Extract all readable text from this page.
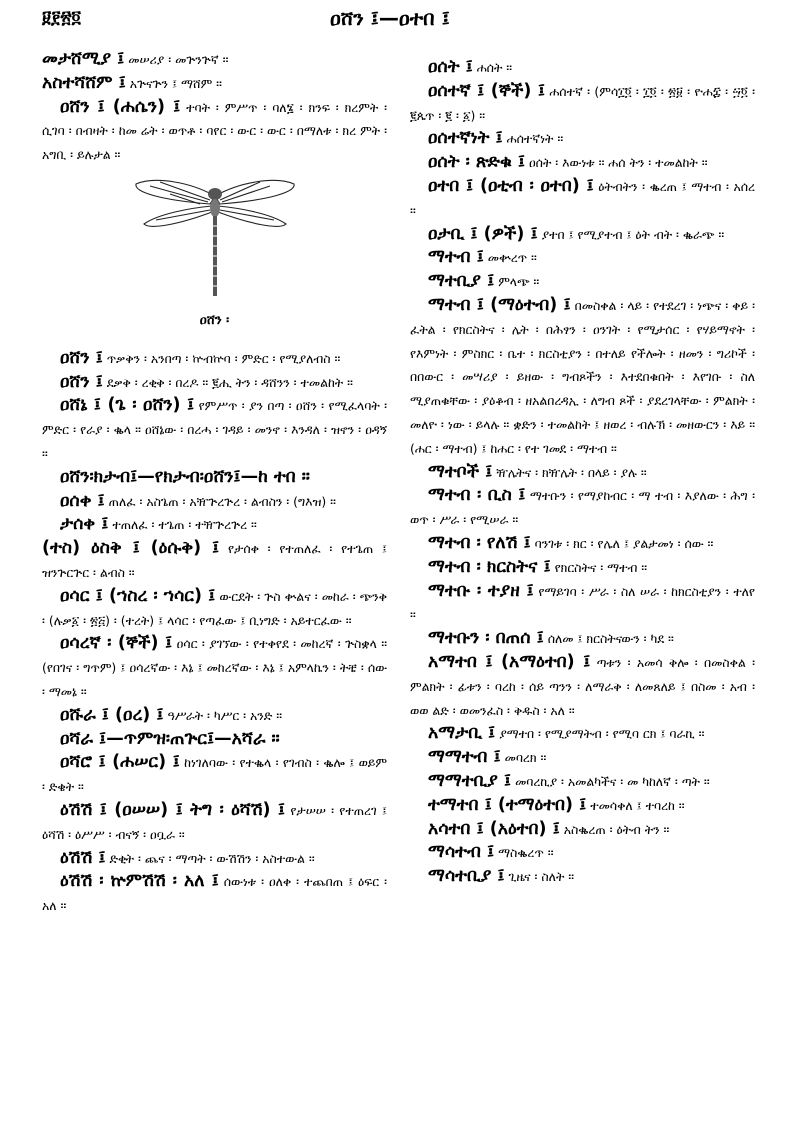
፱፻፳፬	ዐሸን ፤—ዐተበ ፤

መታሸሚያ ፤ መሠሪያ ፡ መጕንጕኛ ።

አስተሻሸም ፤ አጕናጕን ፤ ማሸም ።

ዐሸን ፤ (ሐሴን) ፤ ተባት ፡ ምሥጥ ፡ ባለ፮ ፡ ክንፍ ፡ ክረምት ፡ ሲገባ ፡ በብዛት ፡ ከመ ሬት ፡ ወጥቶ ፡ ባየር ፡ ውር ፡ ውር ፡ በማለቱ ፡ ክረ ምት ፡ አግቢ ፡ ይሉታል ።

ዐሸን ፡

ዐሸን ፤ ጥቃቅን ፡ አንበጣ ፡ ኵብኵባ ፡ ምድር ፡ የሚያለብስ ።

ዐሸን ፤ ደቃቅ ፡ ረቂቅ ፡ በረዶ ። ፪ሒ ትን ፡ ዳሸንን ፡ ተመልከት ።

ዐሸኔ ፤ (ጌ ፡ ዐሸን) ፤ የምሥጥ ፡ ያን በጣ ፡ ዐሸን ፡ የሚፈላባት ፡ ምድር ፡ የራያ ፡ ቈላ ። ዐሸኔው ፡ በረሓ ፡ ገዳይ ፡ መንኖ ፡ እንዳለ ፡ ዝኖን ፡ ዐዳኝ ።

ዐሸን፡ክታብ፤—የክታብ፡ዐሸን፤—ከ ተበ ።

ዐሰቀ ፤ ጠለፈ ፡ አስጌጠ ፡ አዥጕረጕረ ፡ ልብስን ፡ (ግእዝ) ።

ታሰቀ ፤ ተጠለፈ ፡ ተጌጠ ፡ ተዥጕረጕረ ።

(ተስ) ዕስቅ ፤ (ዕሱቅ) ፤ የታሰቀ ፡ የተጠለፈ ፡ የተጌጠ ፤ ዝንጕርጕር ፡ ልብስ ።

ዐሳር ፤ (ኀስረ ፡ ኀሳር) ፤ ውርደት ፡ ጕስ ቍልና ፡ መከራ ፡ ጭንቅ ፡ (ሉቃ፩ ፡ ፳፭) ፡ (ተረት) ፤ ላሳር ፡ የጣፈው ፤ ቢነግድ ፡ አይተርፈው ።

ዐሳረኛ ፡ (ኞች) ፤ ዐሳር ፡ ያገኘው ፡ የተቀየደ ፡ መከረኛ ፡ ጕስቋላ ። (የበገና ፡ ግጥም) ፤ ዐሳረኛው ፡ እኔ ፤ መከረኛው ፡ እኔ ፤ አምላኬን ፡ ትቼ ፡ ሰው ፡ ማመኔ ።

ዐሹራ ፤ (ዐረ) ፤ ዓሥራት ፡ ካሥር ፡ አንድ ።

ዐሻራ ፤—ጥምዝ፡ጠጕር፤—አሻራ ።

ዐሻሮ ፤ (ሐሠር) ፤ ከነገለባው ፡ የተቈላ ፡ የገብስ ፡ ቈሎ ፤ ወይም ፡ ድቄት ።

ዕሽሽ ፤ (ዐሠሠ) ፤ ትግ ፡ ዕሻሽ) ፤ የታሠሠ ፡ የተጠረገ ፤ ዕሻሽ ፡ ዕሥሥ ፡ ብናኝ ፡ ዐቧራ ።

ዕሽሽ ፤ ድቂት ፡ ጨና ፡ ማጣት ፡ ውሽሽን ፡ አስተውል ።

ዕሽሽ ፡ ኵምሽሽ ፡ አለ ፤ ሰውነቱ ፡ ዐለቀ ፡ ተጨበጠ ፤ ዕፍር ፡ አለ ።

ዐሰት ፤ ሐሰት ።

ዐሰተኛ ፤ (ኞች) ፤ ሐሰተኛ ፡ (ምሳ፲፬ ፡ ፲፬ ፡ ፳፱ ፡ ዮሐ፰ ፡ ፵፬ ፡ ፪ጴጥ ፡ ፪ ፡ ፩) ።

ዐሰተኛነት ፤ ሐሰተኛነት ።

ዐሰት ፡ ጽድቁ ፤ ዐሰት ፡ እውነቱ ። ሐሰ ትን ፡ ተመልከት ።

ዐተበ ፤ (ዐቲብ ፡ ዐተበ) ፤ ዕትብትን ፡ ቈረጠ ፤ ማተብ ፡ አሰረ ።

ዐታቢ ፤ (ዎች) ፤ ያተበ ፤ የሚያተብ ፤ ዕት ብት ፡ ቈራጭ ።

ማተብ ፤ መቍረጥ ።

ማተቢያ ፤ ምላጭ ።

ማተብ ፤ (ማዕተብ) ፤ በመስቀል ፡ ላይ ፡ የተደረገ ፡ ነጭና ፡ ቀይ ፡ ፈትል ፡ የክርስትና ፡ ሌት ፡ በሕፃን ፡ ዐንገት ፡ የሚታሰር ፡ የሃይማኖት ፡ የእምነት ፡ ምስክር ፡ ቤተ ፡ ክርስቲያን ፡ በተለይ የችሎት ፡ ዘመን ፡ ግሪኮች ፡ በበውር ፡ መሣሪያ ፡ ይዘው ፡ ግብጾችን ፡ እተደበቁበት ፡ እየገቡ ፡ ስለ ሚያጠቁቸው ፡ ያዕቆብ ፡ ዘአልበረዳኢ ፡ ለግብ ጾች ፡ ያደረገላቸው ፡ ምልክት ፡ መለዮ ፡ ነው ፡ ይላሉ ። ቋድን ፡ ተመልከት ፤ ዘወረ ፡ ብሉኽ ፡ መዘውርን ፡ እይ ። (ሐር ፡ ማተብ) ፤ ከሐር ፡ የተ ገመደ ፡ ማተብ ።

ማተቦች ፤ ዥሌትና ፡ ክዥሌት ፡ በላይ ፡ ያሉ ።

ማተብ ፡ ቢስ ፤ ማተቡን ፡ የማያከብር ፡ ማ ተብ ፡ እያለው ፡ ሕግ ፡ ወጥ ፡ ሥራ ፡ የሚሠራ ።

ማተብ ፡ የለሽ ፤ ባንገቱ ፡ ክር ፡ የሌለ ፤ ያልታመነ ፡ ሰው ።

ማተብ ፡ ክርስትና ፤ የክርስትና ፡ ማተብ ።

ማተቡ ፡ ተያዘ ፤ የማይገባ ፡ ሥራ ፡ ስለ ሠራ ፡ ከክርስቲያን ፡ ተለየ ።

ማተቡን ፡ በጠሰ ፤ ሰለመ ፤ ክርስትናውን ፡ ካደ ።

አማተበ ፤ (አማዕተበ) ፤ ጣቱን ፡ አመሳ ቅሎ ፡ በመስቀል ፡ ምልክት ፡ ፊቱን ፡ ባረከ ፡ ሰይ ጣንን ፡ ለማራቅ ፡ ለመጸለይ ፤ በስመ ፡ አብ ፡ ወወ ልድ ፡ ወመንፈስ ፡ ቅዱስ ፡ አለ ።

አማታቢ ፤ ያማተበ ፡ የሚያማትብ ፡ የሚባ ርክ ፤ ባራኪ ።

ማማተብ ፤ መባረክ ።

ማማተቢያ ፤ መባረኪያ ፡ አመልካችና ፡ መ ካከለኛ ፡ ጣት ።

ተማተበ ፤ (ተማዕተበ) ፤ ተመሳቀለ ፤ ተባረከ ።

አሳተበ ፤ (አዕተበ) ፤ አስቈረጠ ፡ ዕትብ ትን ።

ማሳተብ ፤ ማስቈረጥ ።

ማሳተቢያ ፤ ጊዜና ፡ ስለት ።
